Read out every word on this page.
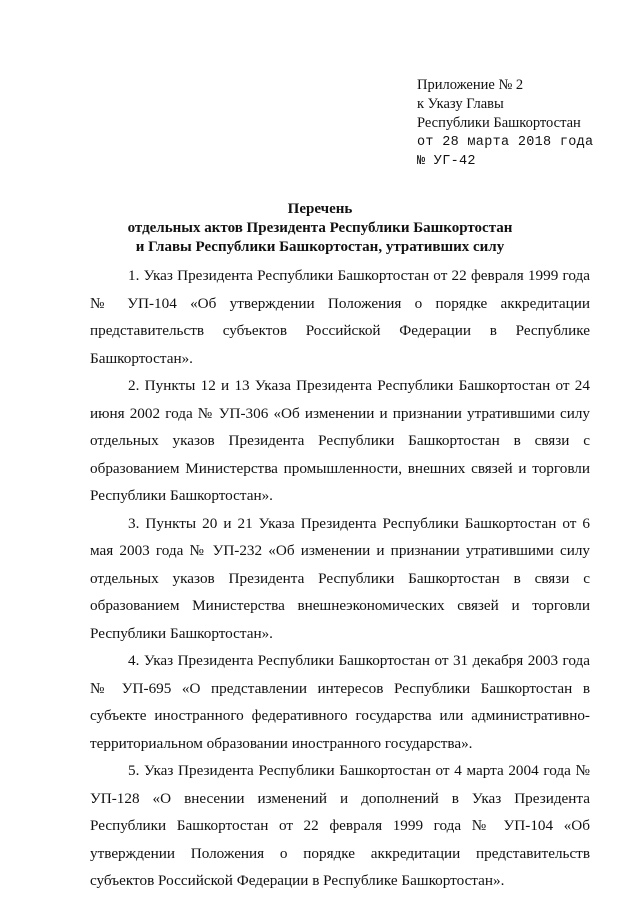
Приложение № 2
к Указу Главы
Республики Башкортостан
от 28 марта 2018 года
№ УГ-42
Перечень
отдельных актов Президента Республики Башкортостан
и Главы Республики Башкортостан, утративших силу

1. Указ Президента Республики Башкортостан от 22 февраля 1999 года № УП-104 «Об утверждении Положения о порядке аккредитации представительств субъектов Российской Федерации в Республике Башкортостан».

2. Пункты 12 и 13 Указа Президента Республики Башкортостан от 24 июня 2002 года № УП-306 «Об изменении и признании утратившими силу отдельных указов Президента Республики Башкортостан в связи с образованием Министерства промышленности, внешних связей и торговли Республики Башкортостан».

3. Пункты 20 и 21 Указа Президента Республики Башкортостан от 6 мая 2003 года № УП-232 «Об изменении и признании утратившими силу отдельных указов Президента Республики Башкортостан в связи с образованием Министерства внешнеэкономических связей и торговли Республики Башкортостан».

4. Указ Президента Республики Башкортостан от 31 декабря 2003 года № УП-695 «О представлении интересов Республики Башкортостан в субъекте иностранного федеративного государства или административно-территориальном образовании иностранного государства».

5. Указ Президента Республики Башкортостан от 4 марта 2004 года № УП-128 «О внесении изменений и дополнений в Указ Президента Республики Башкортостан от 22 февраля 1999 года № УП-104 «Об утверждении Положения о порядке аккредитации представительств субъектов Российской Федерации в Республике Башкортостан».
